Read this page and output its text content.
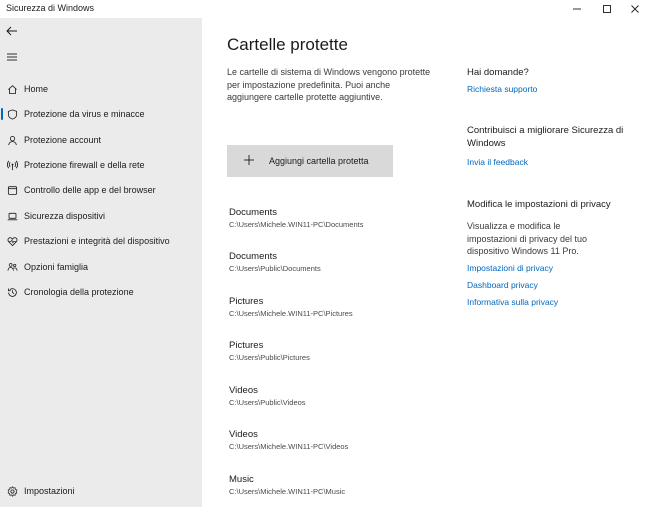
Sicurezza di Windows
Home
Protezione da virus e minacce
Protezione account
Protezione firewall e della rete
Controllo delle app e del browser
Sicurezza dispositivi
Prestazioni e integrità del dispositivo
Opzioni famiglia
Cronologia della protezione
Impostazioni
Cartelle protette

Le cartelle di sistema di Windows vengono protette per impostazione predefinita. Puoi anche aggiungere cartelle protette aggiuntive.

Aggiungi cartella protetta
Documents
C:\Users\Michele.WIN11-PC\Documents
Documents
C:\Users\Public\Documents
Pictures
C:\Users\Michele.WIN11-PC\Pictures
Pictures
C:\Users\Public\Pictures
Videos
C:\Users\Public\Videos
Videos
C:\Users\Michele.WIN11-PC\Videos
Music
C:\Users\Michele.WIN11-PC\Music
Hai domande?
Richiesta supporto
Contribuisci a migliorare Sicurezza di Windows
Invia il feedback
Modifica le impostazioni di privacy
Visualizza e modifica le impostazioni di privacy del tuo dispositivo Windows 11 Pro.
Impostazioni di privacy
Dashboard privacy
Informativa sulla privacy
